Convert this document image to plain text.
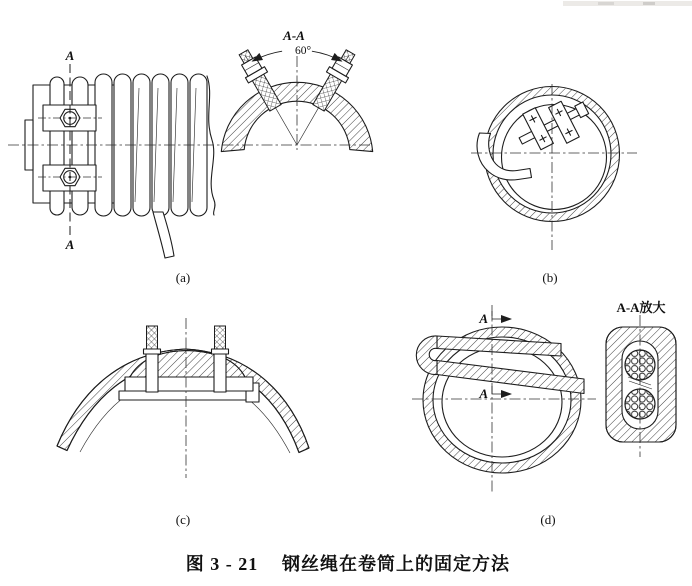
A
A
A-A
60°
(a)	(b)
(c)
A
A
(d)
A-A放大
图 3 - 21 钢丝绳在卷筒上的固定方法
